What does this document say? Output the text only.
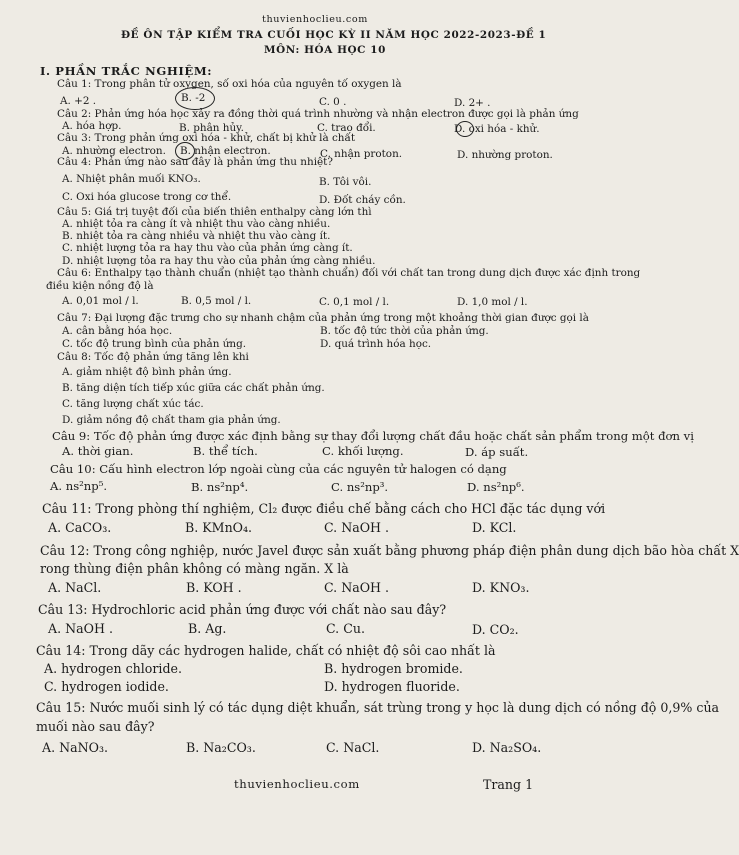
thuvienhoclieu.com
ĐỀ ÔN TẬP KIỂM TRA CUỐI HỌC KỲ II NĂM HỌC 2022-2023-ĐỀ 1
MÔN: HÓA HỌC 10
I. PHẦN TRẮC NGHIỆM:
Câu 1: Trong phân tử oxygen, số oxi hóa của nguyên tố oxygen là
A. +2 .	B. -2	C. 0 .	D. 2+ .
Câu 2: Phản ứng hóa học xảy ra đồng thời quá trình nhường và nhận electron được gọi là phản ứng
A. hóa hợp.	B. phân hủy.	C. trao đổi.	D. oxi hóa - khử.
Câu 3: Trong phản ứng oxi hóa - khử, chất bị khử là chất
A. nhường electron. B. nhận electron.	C. nhận proton.	D. nhường proton.
Câu 4: Phản ứng nào sau đây là phản ứng thu nhiệt?
A. Nhiệt phân muối KNO₃.	B. Tôi vôi.
C. Oxi hóa glucose trong cơ thể.	D. Đốt cháy cồn.
Câu 5: Giá trị tuyệt đối của biến thiên enthalpy càng lớn thì
A. nhiệt tỏa ra càng ít và nhiệt thu vào càng nhiều.
B. nhiệt tỏa ra càng nhiều và nhiệt thu vào càng ít.
C. nhiệt lượng tỏa ra hay thu vào của phản ứng càng ít.
D. nhiệt lượng tỏa ra hay thu vào của phản ứng càng nhiều.
Câu 6: Enthalpy tạo thành chuẩn (nhiệt tạo thành chuẩn) đối với chất tan trong dung dịch được xác định trong
điều kiện nồng độ là
A. 0,01 mol / l.	B. 0,5 mol / l.	C. 0,1 mol / l.	D. 1,0 mol / l.
Câu 7: Đại lượng đặc trưng cho sự nhanh chậm của phản ứng trong một khoảng thời gian được gọi là
A. cân bằng hóa học.	B. tốc độ tức thời của phản ứng.
C. tốc độ trung bình của phản ứng.	D. quá trình hóa học.
Câu 8: Tốc độ phản ứng tăng lên khi
A. giảm nhiệt độ bình phản ứng.
B. tăng diện tích tiếp xúc giữa các chất phản ứng.
C. tăng lượng chất xúc tác.
D. giảm nồng độ chất tham gia phản ứng.
Câu 9: Tốc độ phản ứng được xác định bằng sự thay đổi lượng chất đầu hoặc chất sản phẩm trong một đơn vị
A. thời gian.	B. thể tích.	C. khối lượng.	D. áp suất.
Câu 10: Cấu hình electron lớp ngoài cùng của các nguyên tử halogen có dạng
A. ns²np⁵.	B. ns²np⁴.	C. ns²np³.	D. ns²np⁶.
Câu 11: Trong phòng thí nghiệm, Cl₂ được điều chế bằng cách cho HCl đặc tác dụng với
A. CaCO₃.	B. KMnO₄.	C. NaOH .	D. KCl.
Câu 12: Trong công nghiệp, nước Javel được sản xuất bằng phương pháp điện phân dung dịch bão hòa chất X
rong thùng điện phân không có màng ngăn. X là
A. NaCl.	B. KOH .	C. NaOH .	D. KNO₃.
Câu 13: Hydrochloric acid phản ứng được với chất nào sau đây?
A. NaOH .	B. Ag.	C. Cu.	D. CO₂.
Câu 14: Trong dãy các hydrogen halide, chất có nhiệt độ sôi cao nhất là
A. hydrogen chloride.	B. hydrogen bromide.
C. hydrogen iodide.	D. hydrogen fluoride.
Câu 15: Nước muối sinh lý có tác dụng diệt khuẩn, sát trùng trong y học là dung dịch có nồng độ 0,9% của
muối nào sau đây?
A. NaNO₃.	B. Na₂CO₃.	C. NaCl.	D. Na₂SO₄.
thuvienhoclieu.com	Trang 1
